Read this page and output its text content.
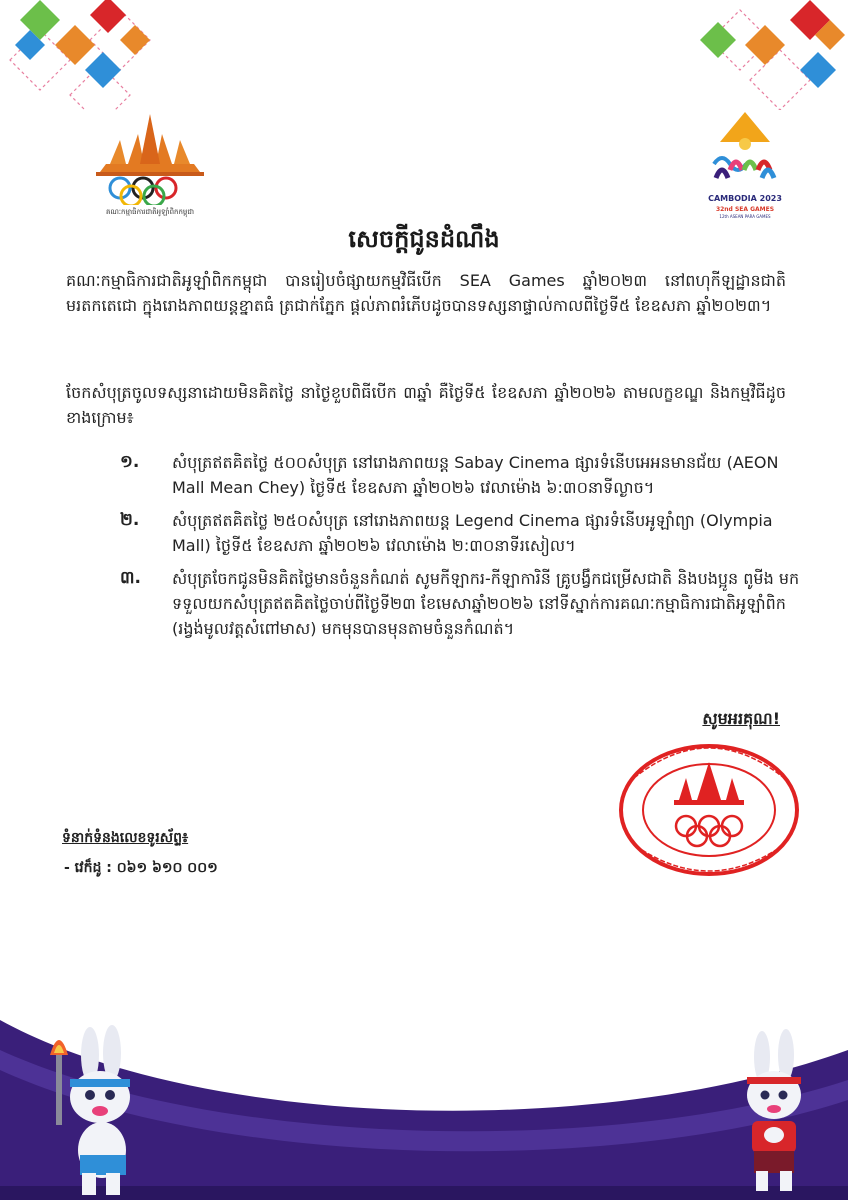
គណៈកម្មាធិការជាតិអូឡាំពិកកម្ពុជា
CAMBODIA 2023
32nd SEA GAMES
12th ASEAN PARA GAMES
សេចក្តីជូនដំណឹង
គណៈកម្មាធិការជាតិអូឡាំពិកកម្ពុជា បានរៀបចំផ្សាយកម្មវិធីបើក SEA Games ឆ្នាំ២០២៣ នៅពហុកីឡដ្ឋានជាតិមរតកតេជោ ក្នុងរោងភាពយន្តខ្នាតធំ ត្រជាក់ភ្នែក ផ្តល់ភាពរំភើបដូចបានទស្សនាផ្ទាល់កាលពីថ្ងៃទី៥ ខែឧសភា ឆ្នាំ២០២៣។
ចែកសំបុត្រចូលទស្សនាដោយមិនគិតថ្លៃ នាថ្ងៃខួបពិធីបើក ៣ឆ្នាំ គឺថ្ងៃទី៥ ខែឧសភា ឆ្នាំ២០២៦ តាមលក្ខខណ្ឌ និងកម្មវិធីដូចខាងក្រោម៖
១. សំបុត្រឥតគិតថ្លៃ ៥០០សំបុត្រ នៅរោងភាពយន្ត Sabay Cinema ផ្សារទំនើបអេអនមានជ័យ (AEON Mall Mean Chey) ថ្ងៃទី៥ ខែឧសភា ឆ្នាំ២០២៦ វេលាម៉ោង ៦:៣០នាទីល្ងាច។
២. សំបុត្រឥតគិតថ្លៃ ២៥០សំបុត្រ នៅរោងភាពយន្ត Legend Cinema ផ្សារទំនើបអូឡាំព្យា (Olympia Mall) ថ្ងៃទី៥ ខែឧសភា ឆ្នាំ២០២៦ វេលាម៉ោង ២:៣០នាទីរសៀល។
៣. សំបុត្រចែកជូនមិនគិតថ្លៃមានចំនួនកំណត់ សូមកីឡាករ-កីឡាការិនី គ្រូបង្វឹកជម្រើសជាតិ និងបងប្អូន ពូមីង មកទទួលយកសំបុត្រឥតគិតថ្លៃចាប់ពីថ្ងៃទី២៣ ខែមេសាឆ្នាំ២០២៦ នៅទីស្នាក់ការគណៈកម្មាធិការជាតិអូឡាំពិក (រង្វង់មូលវត្តសំពៅមាស) មកមុនបានមុនតាមចំនួនកំណត់។
សូមអរគុណ!
ទំនាក់ទំនងលេខទូរស័ព្ទ៖
- វេក៏ដូ : ០៦១ ៦១០ ០០១
